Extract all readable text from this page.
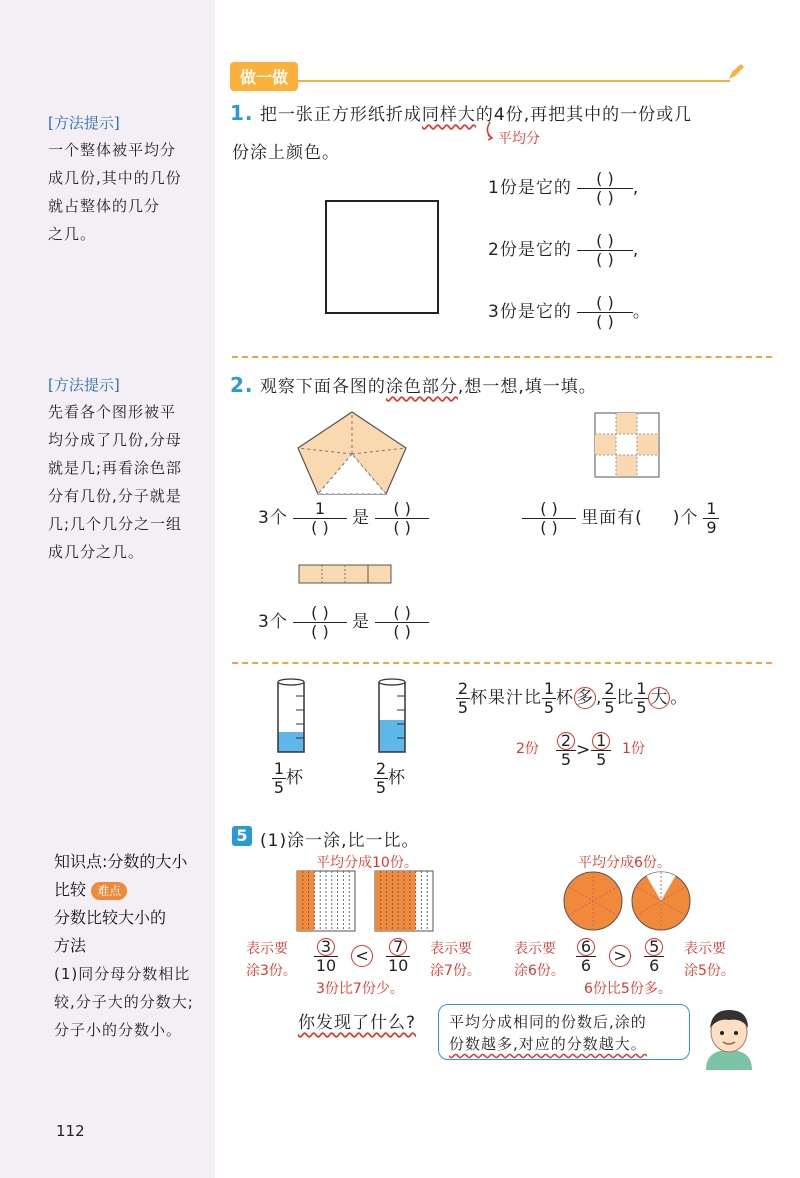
[方法提示]
一个整体被平均分
成几份,其中的几份
就占整体的几分
之几。
[方法提示]
先看各个图形被平
均分成了几份,分母
就是几;再看涂色部
分有几份,分子就是
几;几个几分之一组
成几分之几。
知识点:分数的大小
比较 难点
分数比较大小的
方法
(1)同分母分数相比
较,分子大的分数大;
分子小的分数小。
112
做一做
1. 把一张正方形纸折成同样大的4份,再把其中的一份或几
平均分
份涂上颜色。
1份是它的 $\frac{( )}{( )}$ ,
2份是它的 $\frac{( )}{( )}$ ,
3份是它的 $\frac{( )}{( )}$ 。
2. 观察下面各图的涂色部分,想一想,填一填。
3个 $\frac{1}{( )}$ 是 $\frac{( )}{( )}$	$\frac{( )}{( )}$ 里面有( )个 $\frac{1}{9}$
3个 $\frac{( )}{( )}$ 是 $\frac{( )}{( )}$
$\frac{1}{5}$ 杯	$\frac{2}{5}$ 杯
$\frac{2}{5}$ 杯果汁比 $\frac{1}{5}$ 杯 多 , $\frac{2}{5}$ 比 $\frac{1}{5}$ 大 。
2份 $\frac{2}{5} >\frac{1}{5} 1$份
5 (1)涂一涂,比一比。
平均分成10份。	平均分成6份。
表示要
涂3份。 $\frac{3}{10} < \frac{7}{10}$ 表示要
涂7份。
3份比7份少。
表示要
涂6份。 $\frac{6}{6} > \frac{5}{6}$ 表示要
涂5份。
6份比5份多。
你发现了什么?	平均分成相同的份数后,涂的
份数越多,对应的分数越大。
